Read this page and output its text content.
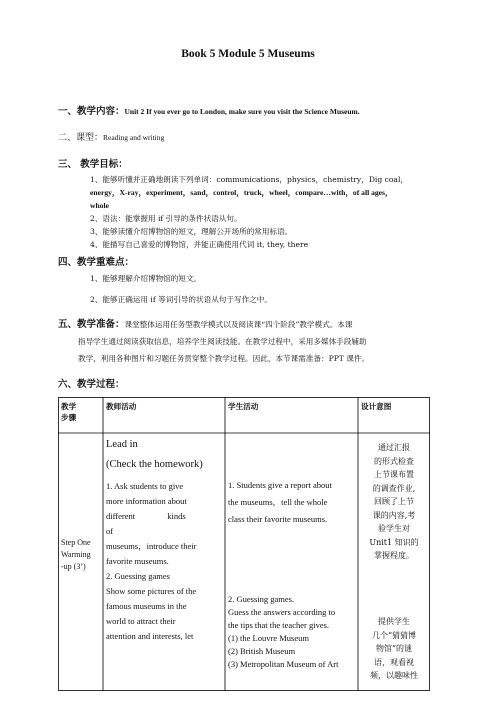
Book 5 Module 5 Museums
一、教学内容：Unit 2 If you ever go to London, make sure you visit the Science Museum.
二、课型：Reading and writing
三、 教学目标：
1、能够听懂并正确地朗读下列单词：communications，physics，chemistry，Dig coal，
energy，X-ray，experiment，sand，control，truck，wheel，compare…with，of all ages，
whole
2、语法：能掌握用 if 引导的条件状语从句。
3、能够读懂介绍博物馆的短文，理解公开场所的常用标语。
4、能描写自己喜爱的博物馆，并能正确使用代词 it, they, there
四、教学重难点：
1、能够理解介绍博物馆的短文。
2、能够正确运用 if 等词引导的状语从句于写作之中。
五、教学准备：课堂整体运用任务型教学模式以及阅读课“四个阶段”教学模式。本课
指导学生通过阅读获取信息，培养学生阅读技能。在教学过程中，采用多媒体手段辅助
教学，利用各种图片和习题任务贯穿整个教学过程。因此，本节课需准备：PPT 课件。
六、教学过程：
教学
步骤
教师活动	学生活动	设计意图
Step One
Warming
-up (3’)
Lead in
(Check the homework)
1. Ask students to give
more information about
different kinds of
museums，introduce their
favorite museums.
2. Guessing games
Show some pictures of the
famous museums in the
world to attract their
attention and interests, let
1. Students give a report about
the museums，tell the whole
class their favorite museums.
2. Guessing games.
Guess the answers according to
the tips that the teacher gives.
(1) the Louvre Museum
(2) British Museum
(3) Metropolitan Museum of Art
通过汇报
的形式检查
上节课布置
的调查作业,
回顾了上节
课的内容,考
验学生对
Unit1 知识的
掌握程度。
提供学生
几个“猜猜博
物馆”的谜
语，观看视
频，以趣味性
